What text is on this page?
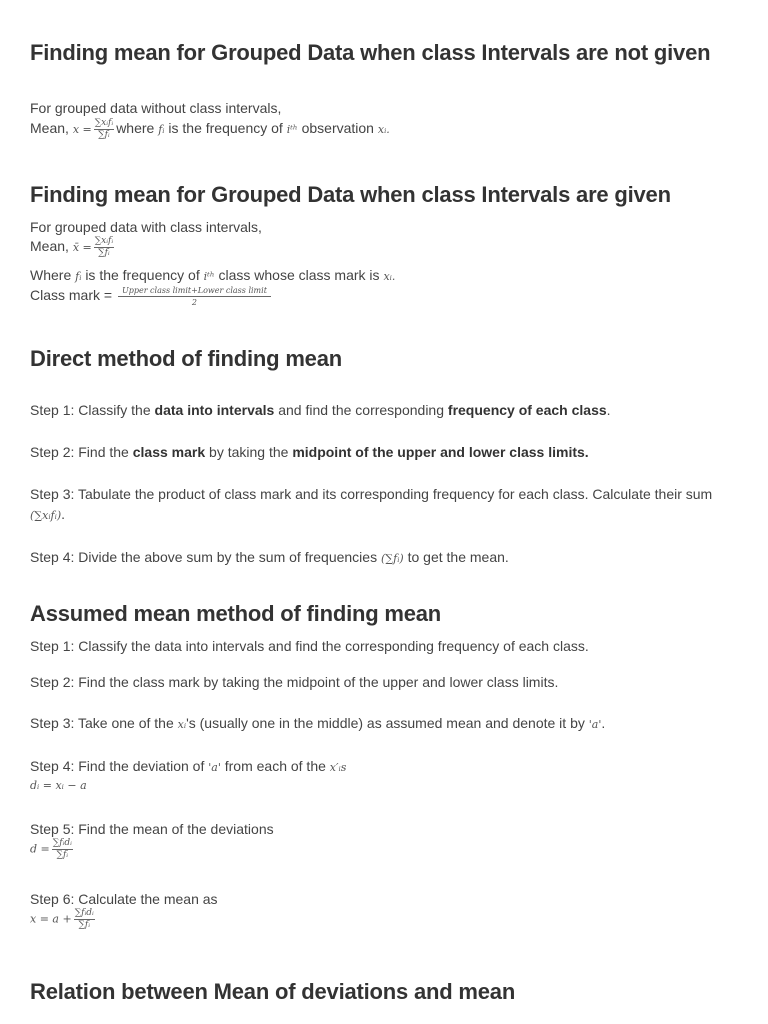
Finding mean for Grouped Data when class Intervals are not given
For grouped data without class intervals,
Mean, $x = \frac{\text{∑xᵢfᵢ}}{\text{∑fᵢ}}$ where fᵢ is the frequency of iᵗʰ observation xᵢ.
Finding mean for Grouped Data when class Intervals are given
For grouped data with class intervals,
Mean, x̄ = $\frac{\text{∑xᵢfᵢ}}{\text{∑fᵢ}}$
Where fᵢ is the frequency of iᵗʰ class whose class mark is xᵢ.
Class mark = $\frac{\text{Upper class limit+Lower class limit}}{2}$
Direct method of finding mean
Step 1: Classify the data into intervals and find the corresponding frequency of each class.
Step 2: Find the class mark by taking the midpoint of the upper and lower class limits.
Step 3: Tabulate the product of class mark and its corresponding frequency for each class. Calculate their sum (∑xᵢfᵢ).
Step 4: Divide the above sum by the sum of frequencies (∑fᵢ) to get the mean.
Assumed mean method of finding mean
Step 1: Classify the data into intervals and find the corresponding frequency of each class.
Step 2: Find the class mark by taking the midpoint of the upper and lower class limits.
Step 3: Take one of the xᵢ's (usually one in the middle) as assumed mean and denote it by 'a'.
Step 4: Find the deviation of 'a' from each of the x′ᵢs
dᵢ = xᵢ − a
Step 5: Find the mean of the deviations
$d = \frac{\text{∑fᵢdᵢ}}{\text{∑fᵢ}}$
Step 6: Calculate the mean as
$x = a + \frac{\text{∑fᵢdᵢ}}{\text{∑fᵢ}}$
Relation between Mean of deviations and mean
